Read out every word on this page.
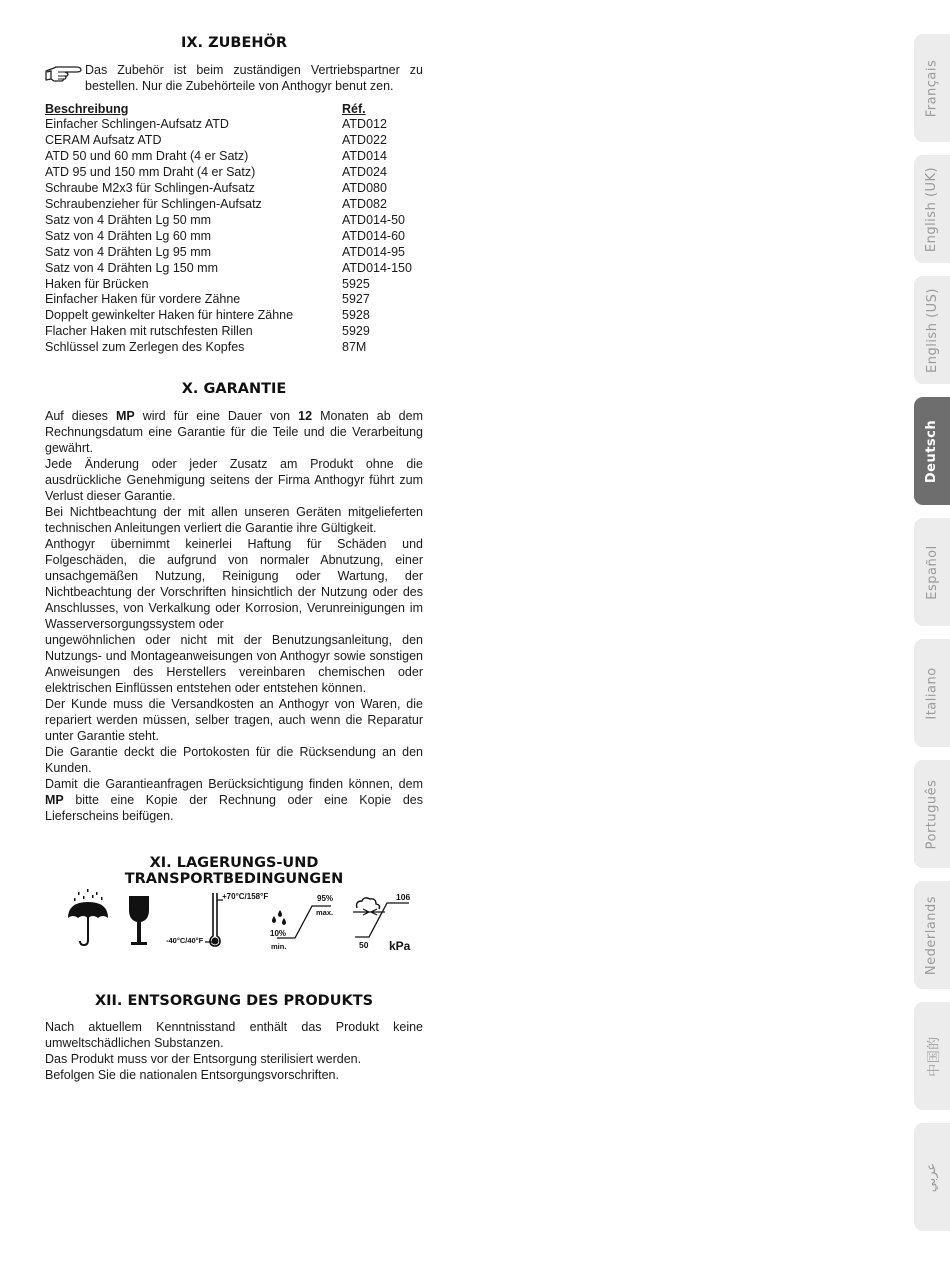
IX. ZUBEHÖR

Das Zubehör ist beim zuständigen Vertriebspartner zu
bestellen. Nur die Zubehörteile von Anthogyr benut zen.

Beschreibung	Réf.
Einfacher Schlingen-Aufsatz ATD	ATD012
CERAM Aufsatz ATD	ATD022
ATD 50 und 60 mm Draht (4 er Satz)	ATD014
ATD 95 und 150 mm Draht (4 er Satz)	ATD024
Schraube M2x3 für Schlingen-Aufsatz	ATD080
Schraubenzieher für Schlingen-Aufsatz	ATD082
Satz von 4 Drähten Lg 50 mm	ATD014-50
Satz von 4 Drähten Lg 60 mm	ATD014-60
Satz von 4 Drähten Lg 95 mm	ATD014-95
Satz von 4 Drähten Lg 150 mm	ATD014-150
Haken für Brücken	5925
Einfacher Haken für vordere Zähne	5927
Doppelt gewinkelter Haken für hintere Zähne	5928
Flacher Haken mit rutschfesten Rillen	5929
Schlüssel zum Zerlegen des Kopfes	87M
X. GARANTIE

Auf dieses MP wird für eine Dauer von 12 Monaten ab dem Rechnungsdatum eine Garantie für die Teile und die Verarbeitung gewährt.

Jede Änderung oder jeder Zusatz am Produkt ohne die ausdrückliche Genehmigung seitens der Firma Anthogyr führt zum Verlust dieser Garantie.

Bei Nichtbeachtung der mit allen unseren Geräten mitgelieferten technischen Anleitungen verliert die Garantie ihre Gültigkeit.

Anthogyr übernimmt keinerlei Haftung für Schäden und Folgeschäden, die aufgrund von normaler Abnutzung, einer unsachgemäßen Nutzung, Reinigung oder Wartung, der Nichtbeachtung der Vorschriften hinsichtlich der Nutzung oder des Anschlusses, von Verkalkung oder Korrosion, Verunreinigungen im Wasserversorgungssystem oder

ungewöhnlichen oder nicht mit der Benutzungsanleitung, den Nutzungs- und Montageanweisungen von Anthogyr sowie sonstigen Anweisungen des Herstellers vereinbaren chemischen oder elektrischen Einflüssen entstehen oder entstehen können.

Der Kunde muss die Versandkosten an Anthogyr von Waren, die repariert werden müssen, selber tragen, auch wenn die Reparatur unter Garantie steht.

Die Garantie deckt die Portokosten für die Rücksendung an den Kunden.

Damit die Garantieanfragen Berücksichtigung finden können, dem MP bitte eine Kopie der Rechnung oder eine Kopie des Lieferscheins beifügen.

XI. LAGERUNGS-UND TRANSPORTBEDINGUNGEN
+70°C/158°F
-40°C/40°F
95%
max.
10%
min.
106
50 kPa
XII. ENTSORGUNG DES PRODUKTS

Nach aktuellem Kenntnisstand enthält das Produkt keine umweltschädlichen Substanzen.

Das Produkt muss vor der Entsorgung sterilisiert werden.

Befolgen Sie die nationalen Entsorgungsvorschriften.

Français
English (UK)
English (US)
Deutsch
Español
Italiano
Português
Nederlands
中国的
عربي
